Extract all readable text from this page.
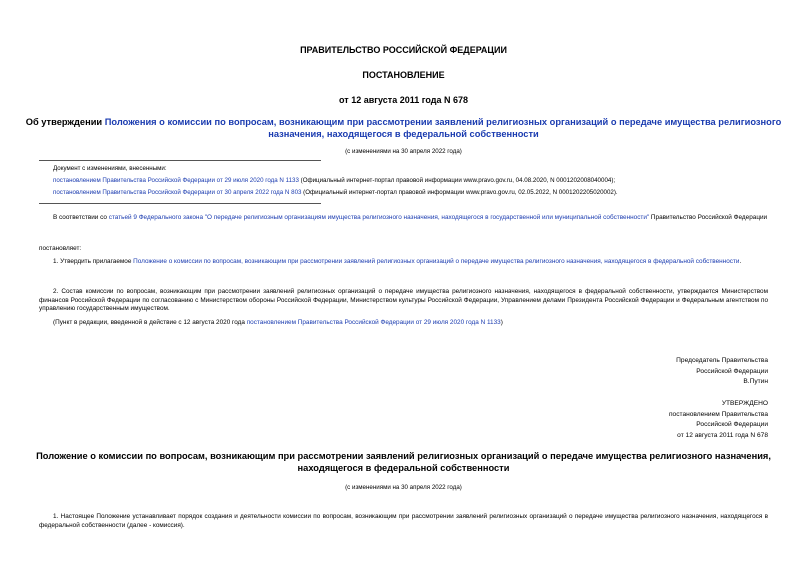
ПРАВИТЕЛЬСТВО РОССИЙСКОЙ ФЕДЕРАЦИИ
ПОСТАНОВЛЕНИЕ
от 12 августа 2011 года N 678
Об утверждении Положения о комиссии по вопросам, возникающим при рассмотрении заявлений религиозных организаций о передаче имущества религиозного
назначения, находящегося в федеральной собственности
(с изменениями на 30 апреля 2022 года)
Документ с изменениями, внесенными:
постановлением Правительства Российской Федерации от 29 июля 2020 года N 1133 (Официальный интернет-портал правовой информации www.pravo.gov.ru, 04.08.2020, N 0001202008040004);
постановлением Правительства Российской Федерации от 30 апреля 2022 года N 803 (Официальный интернет-портал правовой информации www.pravo.gov.ru, 02.05.2022, N 0001202205020002).
В соответствии со статьей 9 Федерального закона "О передаче религиозным организациям имущества религиозного назначения, находящегося в государственной или муниципальной собственности" Правительство Российской Федерации
постановляет:
1. Утвердить прилагаемое Положение о комиссии по вопросам, возникающим при рассмотрении заявлений религиозных организаций о передаче имущества религиозного назначения, находящегося в федеральной собственности.
2. Состав комиссии по вопросам, возникающим при рассмотрении заявлений религиозных организаций о передаче имущества религиозного назначения, находящегося в федеральной собственности, утверждается Министерством финансов Российской Федерации по согласованию с Министерством обороны Российской Федерации, Министерством культуры Российской Федерации, Управлением делами Президента Российской Федерации и Федеральным агентством по управлению государственным имуществом.
(Пункт в редакции, введенной в действие с 12 августа 2020 года постановлением Правительства Российской Федерации от 29 июля 2020 года N 1133)
Председатель Правительства
Российской Федерации
В.Путин
УТВЕРЖДЕНО
постановлением Правительства
Российской Федерации
от 12 августа 2011 года N 678
Положение о комиссии по вопросам, возникающим при рассмотрении заявлений религиозных организаций о передаче имущества религиозного назначения,
находящегося в федеральной собственности
(с изменениями на 30 апреля 2022 года)
1. Настоящее Положение устанавливает порядок создания и деятельности комиссии по вопросам, возникающим при рассмотрении заявлений религиозных организаций о передаче имущества религиозного назначения, находящегося в федеральной собственности (далее - комиссия).
